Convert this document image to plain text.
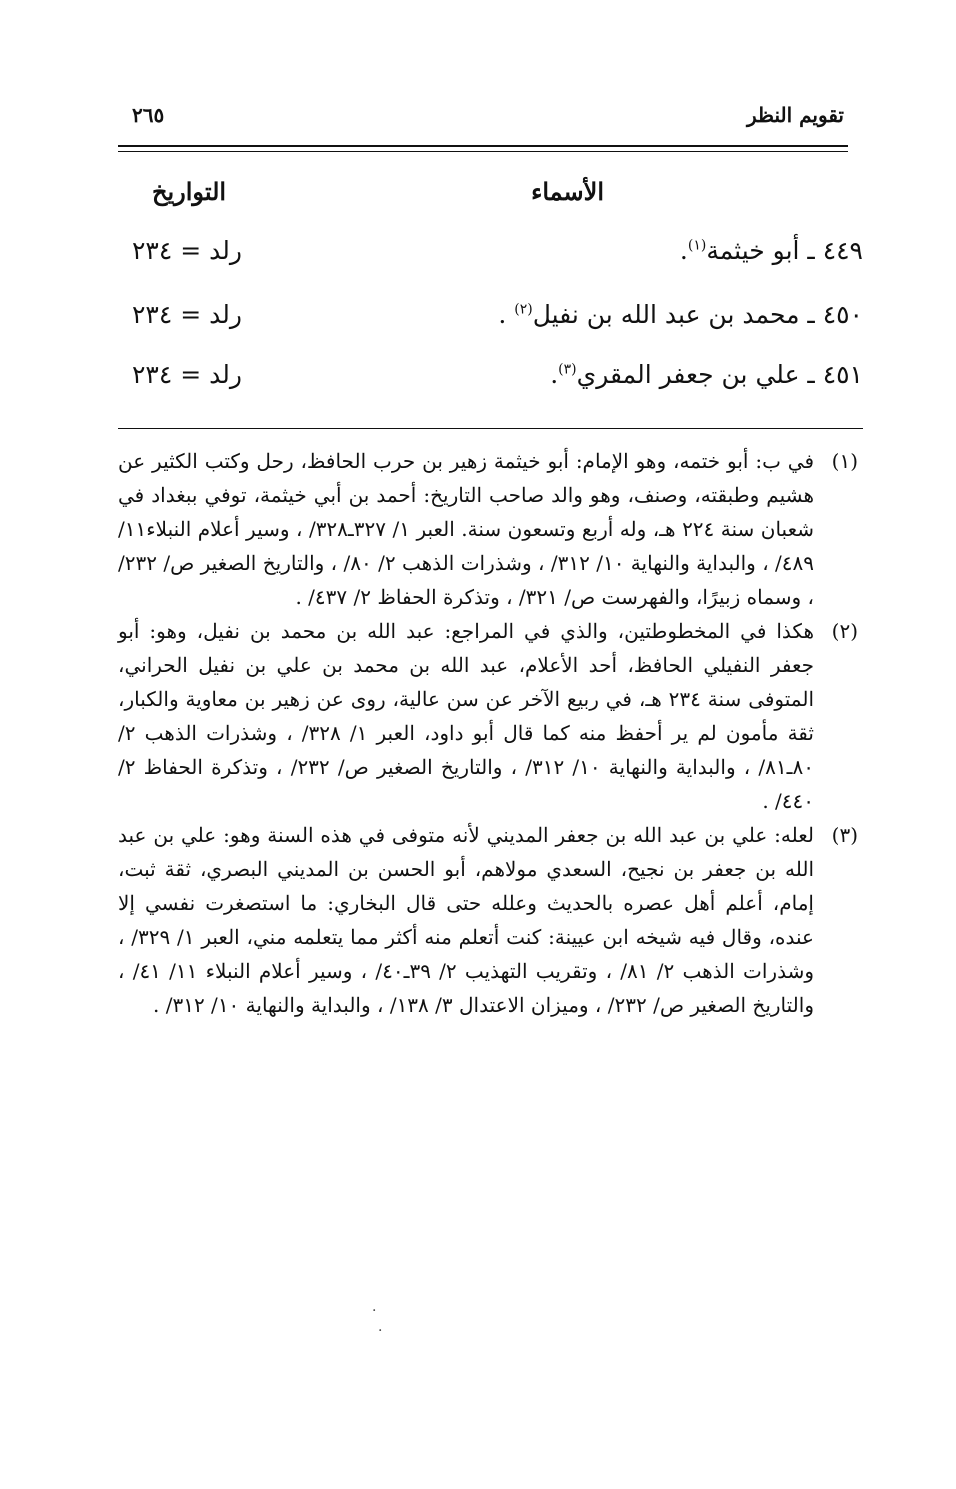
تقويم النظر
٢٦٥
الأسماء
التواريخ
٤٤٩ ـ أبو خيثمة$^{(١)}$.
رلد = ٢٣٤
٤٥٠ ـ محمد بن عبد الله بن نفيل$^{(٢)}$ .
رلد = ٢٣٤
٤٥١ ـ علي بن جعفر المقري$^{(٣)}$.
رلد = ٢٣٤
(١)
في ب: أبو ختمه، وهو الإمام: أبو خيثمة زهير بن حرب الحافظ، رحل وكتب الكثير عن هشيم وطبقته، وصنف، وهو والد صاحب التاريخ: أحمد بن أبي خيثمة، توفي ببغداد في شعبان سنة ٢٢٤ هـ، وله أربع وتسعون سنة. العبر ١/ ٣٢٧ـ٣٢٨/ ، وسير أعلام النبلاء١١/ ٤٨٩/ ، والبداية والنهاية ١٠/ ٣١٢/ ، وشذرات الذهب ٢/ ٨٠/ ، والتاريخ الصغير ص/ ٢٣٢/ ، وسماه زبيرًا، والفهرست ص/ ٣٢١/ ، وتذكرة الحفاظ ٢/ ٤٣٧/ .
(٢)
هكذا في المخطوطتين، والذي في المراجع: عبد الله بن محمد بن نفيل، وهو: أبو جعفر النفيلي الحافظ، أحد الأعلام، عبد الله بن محمد بن علي بن نفيل الحراني، المتوفى سنة ٢٣٤ هـ، في ربيع الآخر عن سن عالية، روى عن زهير بن معاوية والكبار، ثقة مأمون لم ير أحفظ منه كما قال أبو داود، العبر ١/ ٣٢٨/ ، وشذرات الذهب ٢/ ٨٠ـ٨١/ ، والبداية والنهاية ١٠/ ٣١٢/ ، والتاريخ الصغير ص/ ٢٣٢/ ، وتذكرة الحفاظ ٢/ ٤٤٠/ .
(٣)
لعله: علي بن عبد الله بن جعفر المديني لأنه متوفى في هذه السنة وهو: علي بن عبد الله بن جعفر بن نجيح، السعدي مولاهم، أبو الحسن بن المديني البصري، ثقة ثبت، إمام، أعلم أهل عصره بالحديث وعلله حتى قال البخاري: ما استصغرت نفسي إلا عنده، وقال فيه شيخه ابن عيينة: كنت أتعلم منه أكثر مما يتعلمه مني، العبر ١/ ٣٢٩/ ، وشذرات الذهب ٢/ ٨١/ ، وتقريب التهذيب ٢/ ٣٩ـ٤٠/ ، وسير أعلام النبلاء ١١/ ٤١/ ، والتاريخ الصغير ص/ ٢٣٢/ ، وميزان الاعتدال ٣/ ١٣٨/ ، والبداية والنهاية ١٠/ ٣١٢/ .
·
·
